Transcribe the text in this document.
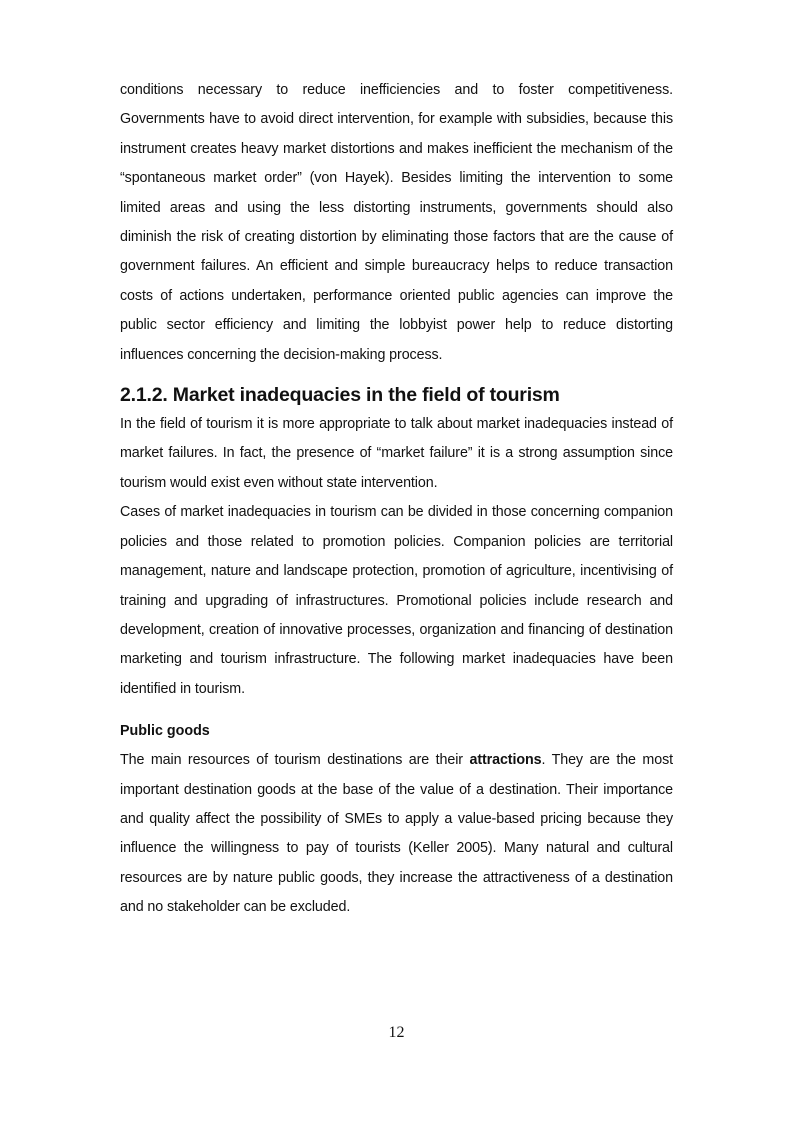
conditions necessary to reduce inefficiencies and to foster competitiveness. Governments have to avoid direct intervention, for example with subsidies, because this instrument creates heavy market distortions and makes inefficient the mechanism of the “spontaneous market order” (von Hayek). Besides limiting the intervention to some limited areas and using the less distorting instruments, governments should also diminish the risk of creating distortion by eliminating those factors that are the cause of government failures. An efficient and simple bureaucracy helps to reduce transaction costs of actions undertaken, performance oriented public agencies can improve the public sector efficiency and limiting the lobbyist power help to reduce distorting influences concerning the decision-making process.

2.1.2. Market inadequacies in the field of tourism

In the field of tourism it is more appropriate to talk about market inadequacies instead of market failures. In fact, the presence of “market failure” it is a strong assumption since tourism would exist even without state intervention.

Cases of market inadequacies in tourism can be divided in those concerning companion policies and those related to promotion policies. Companion policies are territorial management, nature and landscape protection, promotion of agriculture, incentivising of training and upgrading of infrastructures. Promotional policies include research and development, creation of innovative processes, organization and financing of destination marketing and tourism infrastructure. The following market inadequacies have been identified in tourism.

Public goods

The main resources of tourism destinations are their attractions. They are the most important destination goods at the base of the value of a destination. Their importance and quality affect the possibility of SMEs to apply a value-based pricing because they influence the willingness to pay of tourists (Keller 2005). Many natural and cultural resources are by nature public goods, they increase the attractiveness of a destination and no stakeholder can be excluded.

12
